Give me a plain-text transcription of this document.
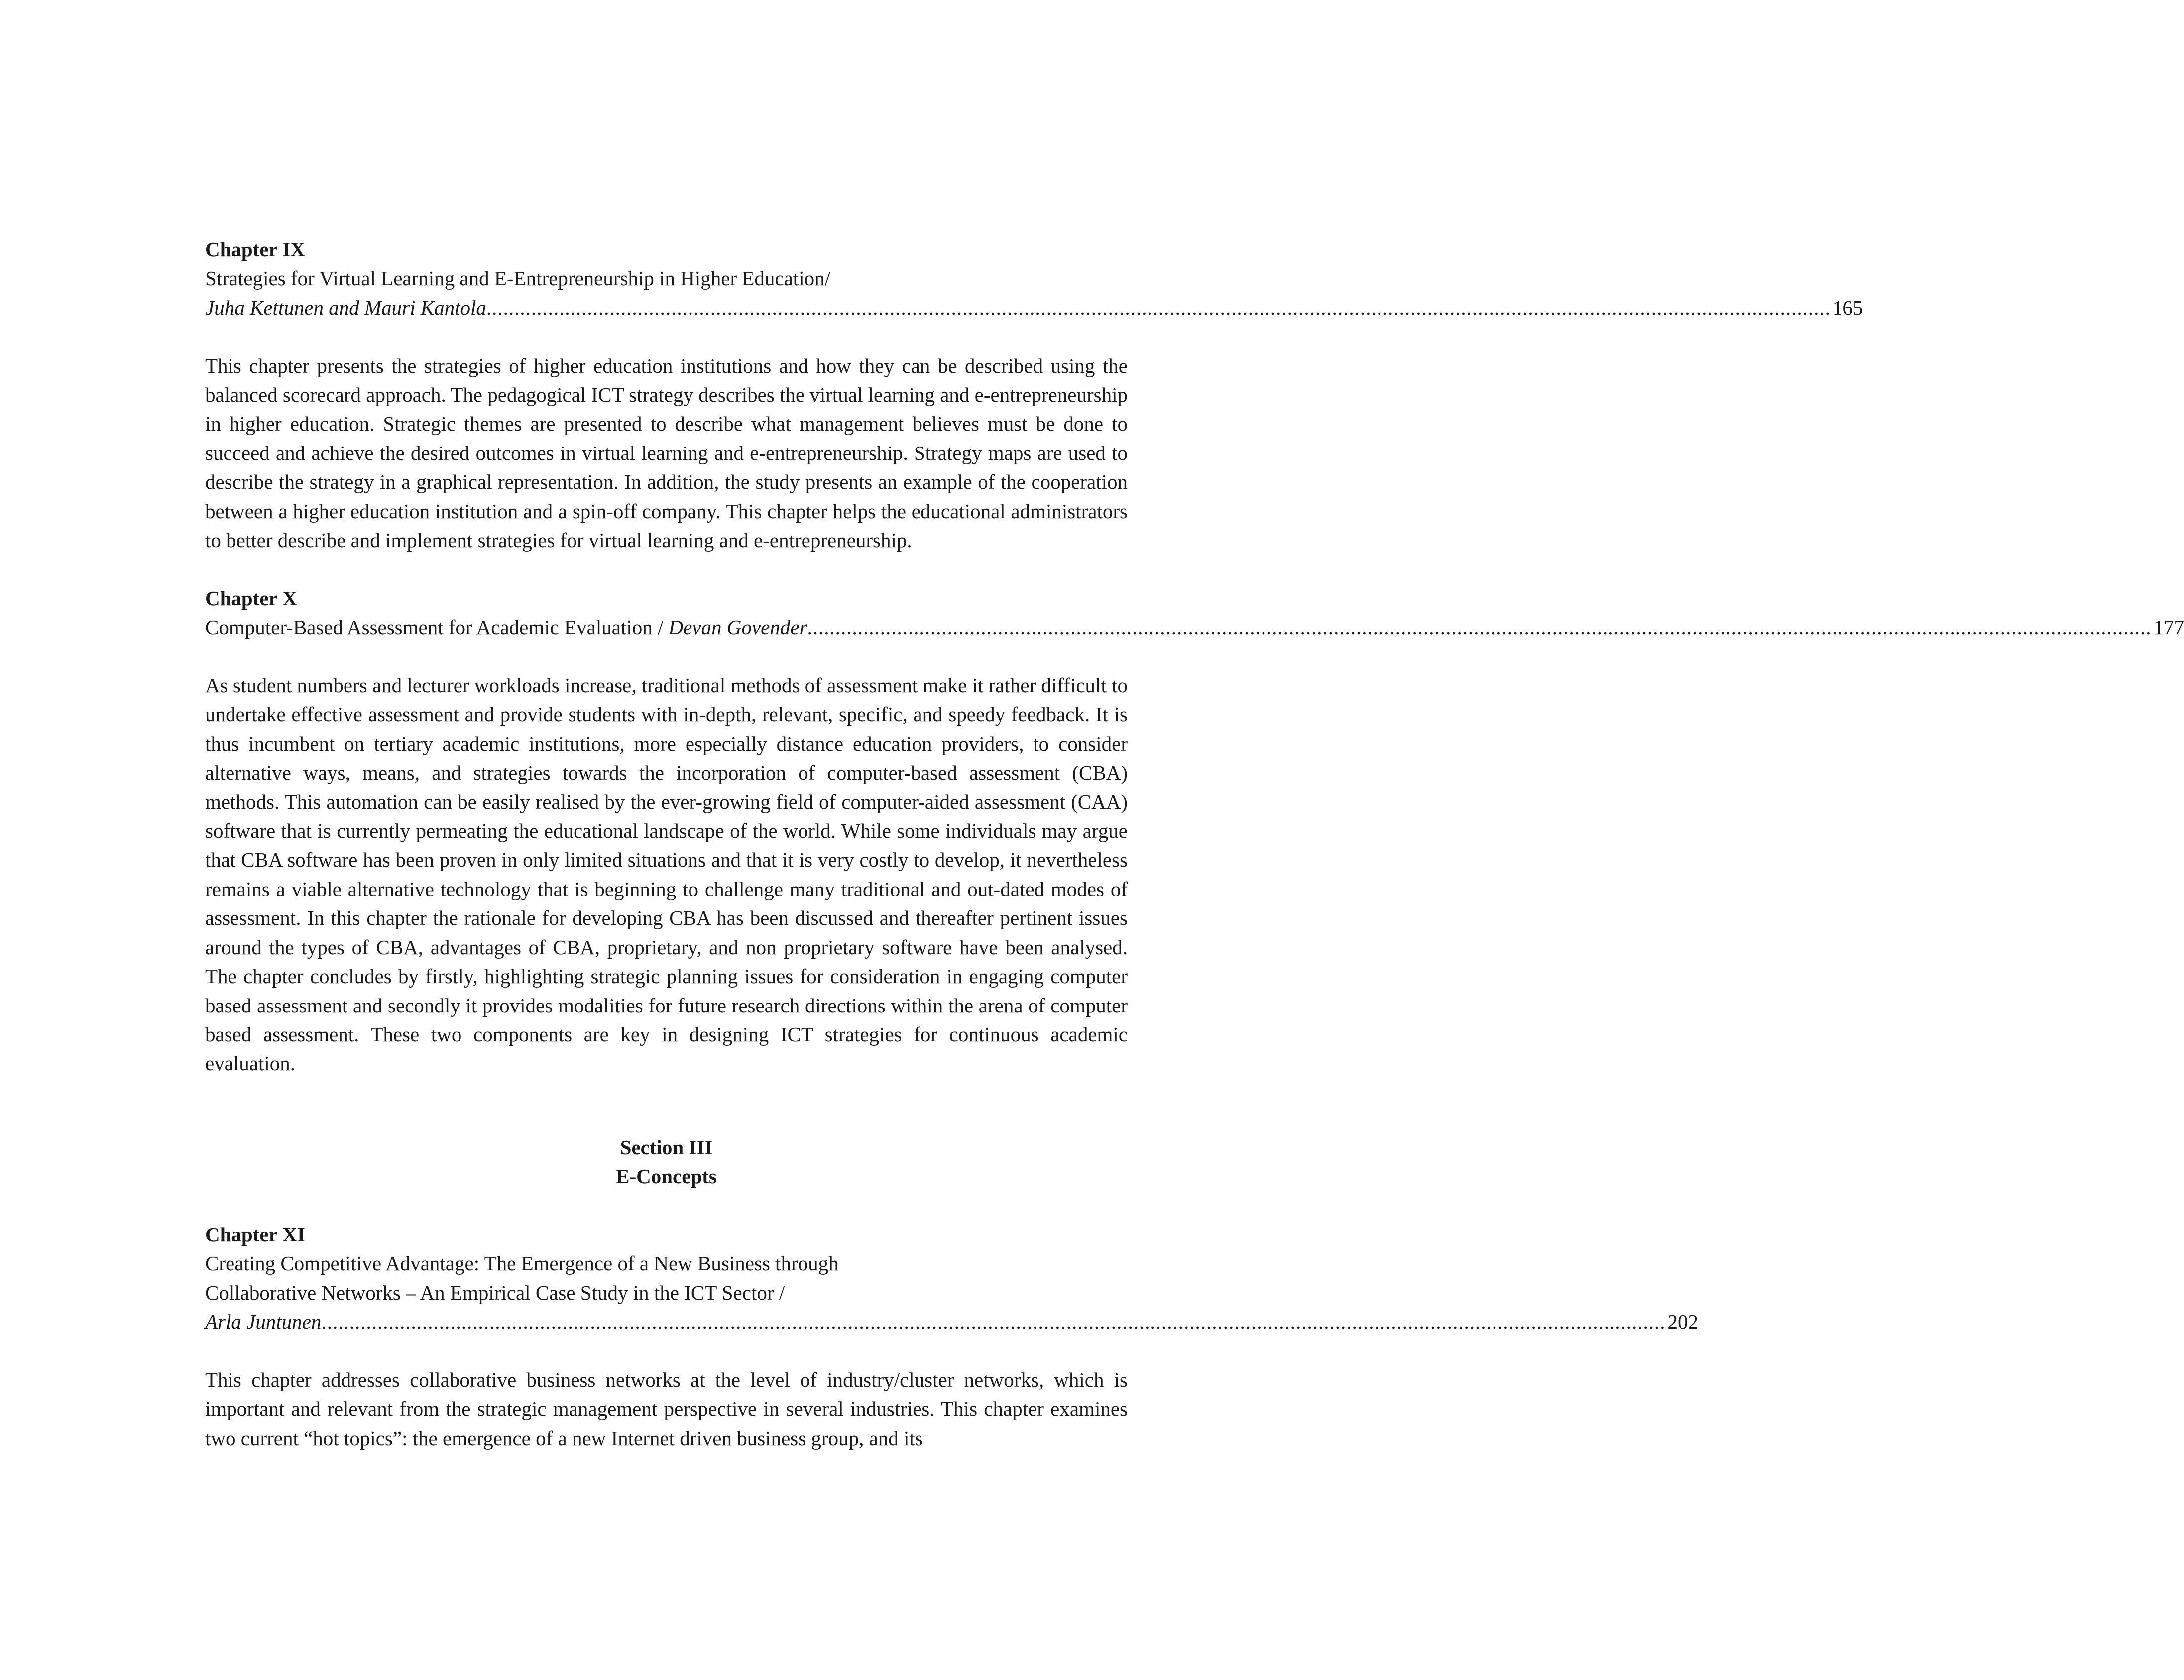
Chapter IX

Strategies for Virtual Learning and E-Entrepreneurship in Higher Education/

Juha Kettunen and Mauri Kantola ................................................................................................................................................................................................................................................ 165

This chapter presents the strategies of higher education institutions and how they can be described using the balanced scorecard approach. The pedagogical ICT strategy describes the virtual learning and e-entrepreneurship in higher education. Strategic themes are presented to describe what management believes must be done to succeed and achieve the desired outcomes in virtual learning and e-entrepreneurship. Strategy maps are used to describe the strategy in a graphical representation. In addition, the study presents an example of the cooperation between a higher education institution and a spin-off company. This chapter helps the educational administrators to better describe and implement strategies for virtual learning and e-entrepreneurship.

Chapter X

Computer-Based Assessment for Academic Evaluation / Devan Govender ................................................................................................................................................................................................................................................ 177

As student numbers and lecturer workloads increase, traditional methods of assessment make it rather difficult to undertake effective assessment and provide students with in-depth, relevant, specific, and speedy feedback. It is thus incumbent on tertiary academic institutions, more especially distance education providers, to consider alternative ways, means, and strategies towards the incorporation of computer-based assessment (CBA) methods. This automation can be easily realised by the ever-growing field of computer-aided assessment (CAA) software that is currently permeating the educational landscape of the world. While some individuals may argue that CBA software has been proven in only limited situations and that it is very costly to develop, it nevertheless remains a viable alternative technology that is beginning to challenge many traditional and out-dated modes of assessment. In this chapter the rationale for developing CBA has been discussed and thereafter pertinent issues around the types of CBA, advantages of CBA, proprietary, and non proprietary software have been analysed. The chapter concludes by firstly, highlighting strategic planning issues for consideration in engaging computer based assessment and secondly it provides modalities for future research directions within the arena of computer based assessment. These two components are key in designing ICT strategies for continuous academic evaluation.

Section III

E-Concepts

Chapter XI

Creating Competitive Advantage: The Emergence of a New Business through

Collaborative Networks – An Empirical Case Study in the ICT Sector /

Arla Juntunen ................................................................................................................................................................................................................................................ 202

This chapter addresses collaborative business networks at the level of industry/cluster networks, which is important and relevant from the strategic management perspective in several industries. This chapter examines two current “hot topics”: the emergence of a new Internet driven business group, and its
